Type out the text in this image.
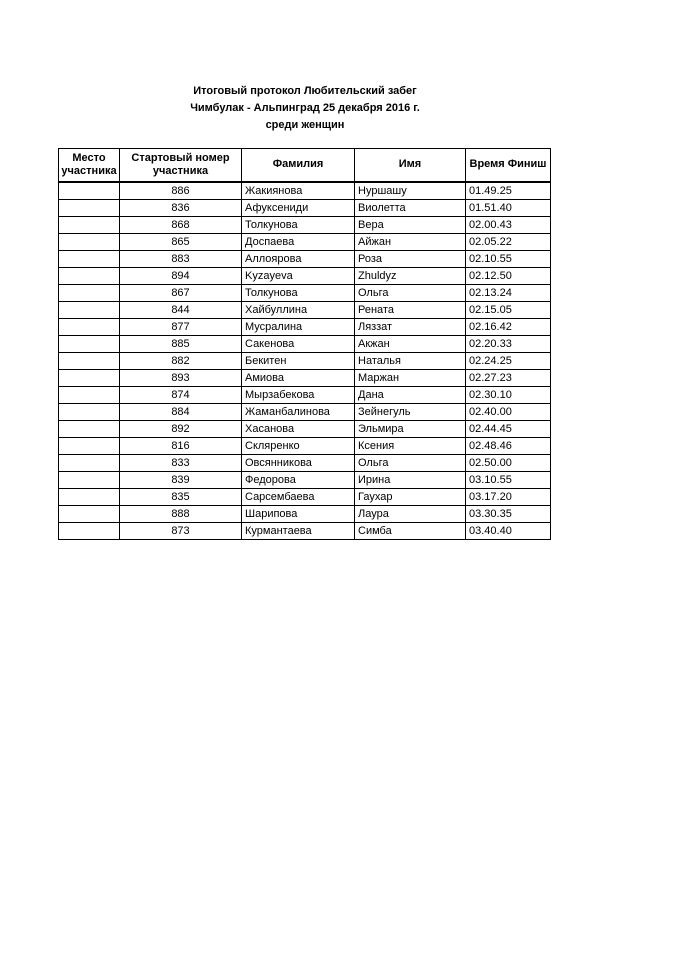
Итоговый протокол Любительский забег
Чимбулак - Альпинград 25 декабря 2016 г.
среди женщин
Место участника	Стартовый номер участника	Фамилия	Имя	Время Финиш
	886	Жакиянова	Нуршашу	01.49.25
	836	Афуксениди	Виолетта	01.51.40
	868	Толкунова	Вера	02.00.43
	865	Доспаева	Айжан	02.05.22
	883	Аллоярова	Роза	02.10.55
	894	Kyzayeva	Zhuldyz	02.12.50
	867	Толкунова	Ольга	02.13.24
	844	Хайбуллина	Рената	02.15.05
	877	Мусралина	Ляззат	02.16.42
	885	Сакенова	Акжан	02.20.33
	882	Бекитен	Наталья	02.24.25
	893	Амиова	Маржан	02.27.23
	874	Мырзабекова	Дана	02.30.10
	884	Жаманбалинова	Зейнегуль	02.40.00
	892	Хасанова	Эльмира	02.44.45
	816	Скляренко	Ксения	02.48.46
	833	Овсянникова	Ольга	02.50.00
	839	Федорова	Ирина	03.10.55
	835	Сарсембаева	Гаухар	03.17.20
	888	Шарипова	Лаура	03.30.35
	873	Курмантаева	Симба	03.40.40
